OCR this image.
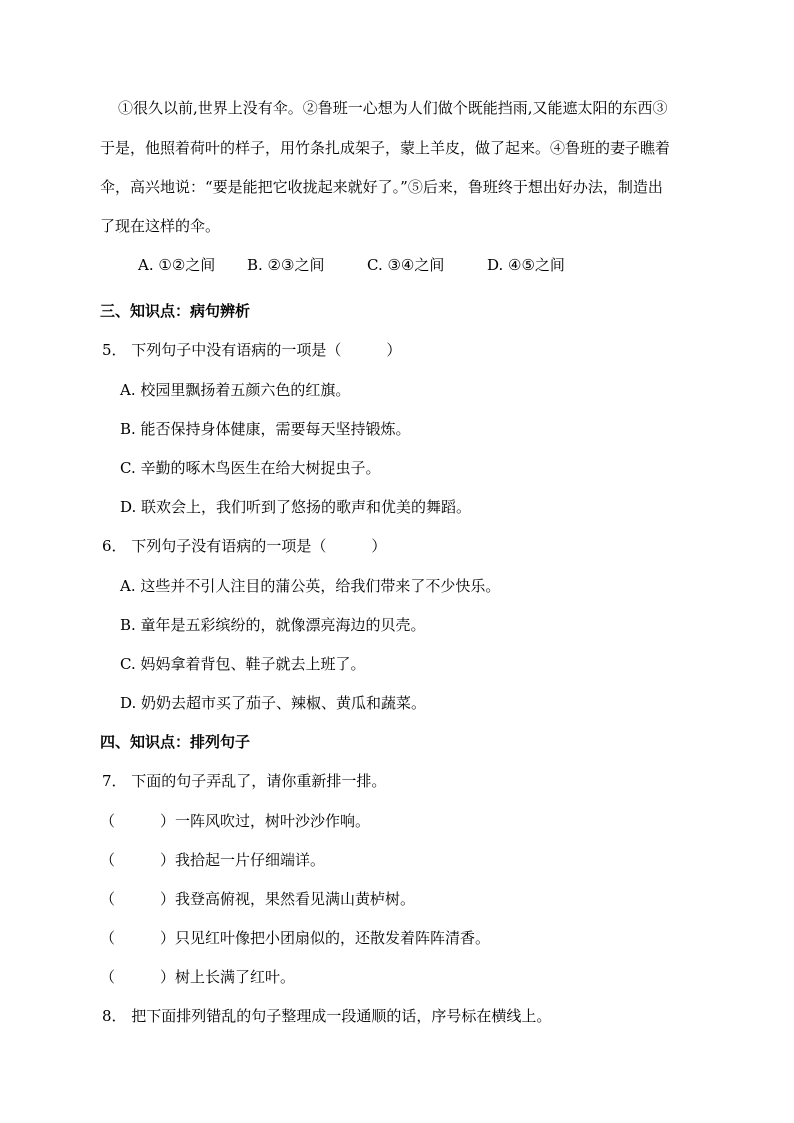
①很久以前,世界上没有伞。②鲁班一心想为人们做个既能挡雨,又能遮太阳的东西③
于是，他照着荷叶的样子，用竹条扎成架子，蒙上羊皮，做了起来。④鲁班的妻子瞧着
伞，高兴地说：“要是能把它收拢起来就好了。”⑤后来，鲁班终于想出好办法，制造出
了现在这样的伞。
A. ①②之间 B. ②③之间	C. ③④之间	D. ④⑤之间
三、知识点：病句辨析
5． 下列句子中没有语病的一项是（　　　）
A. 校园里飘扬着五颜六色的红旗。
B. 能否保持身体健康，需要每天坚持锻炼。
C. 辛勤的啄木鸟医生在给大树捉虫子。
D. 联欢会上，我们听到了悠扬的歌声和优美的舞蹈。
6． 下列句子没有语病的一项是（　　　）
A. 这些并不引人注目的蒲公英，给我们带来了不少快乐。
B. 童年是五彩缤纷的，就像漂亮海边的贝壳。
C. 妈妈拿着背包、鞋子就去上班了。
D. 奶奶去超市买了茄子、辣椒、黄瓜和蔬菜。
四、知识点：排列句子
7． 下面的句子弄乱了，请你重新排一排。
（　　　）一阵风吹过，树叶沙沙作响。
（　　　）我拾起一片仔细端详。
（　　　）我登高俯视，果然看见满山黄栌树。
（　　　）只见红叶像把小团扇似的，还散发着阵阵清香。
（　　　）树上长满了红叶。
8． 把下面排列错乱的句子整理成一段通顺的话，序号标在横线上。
